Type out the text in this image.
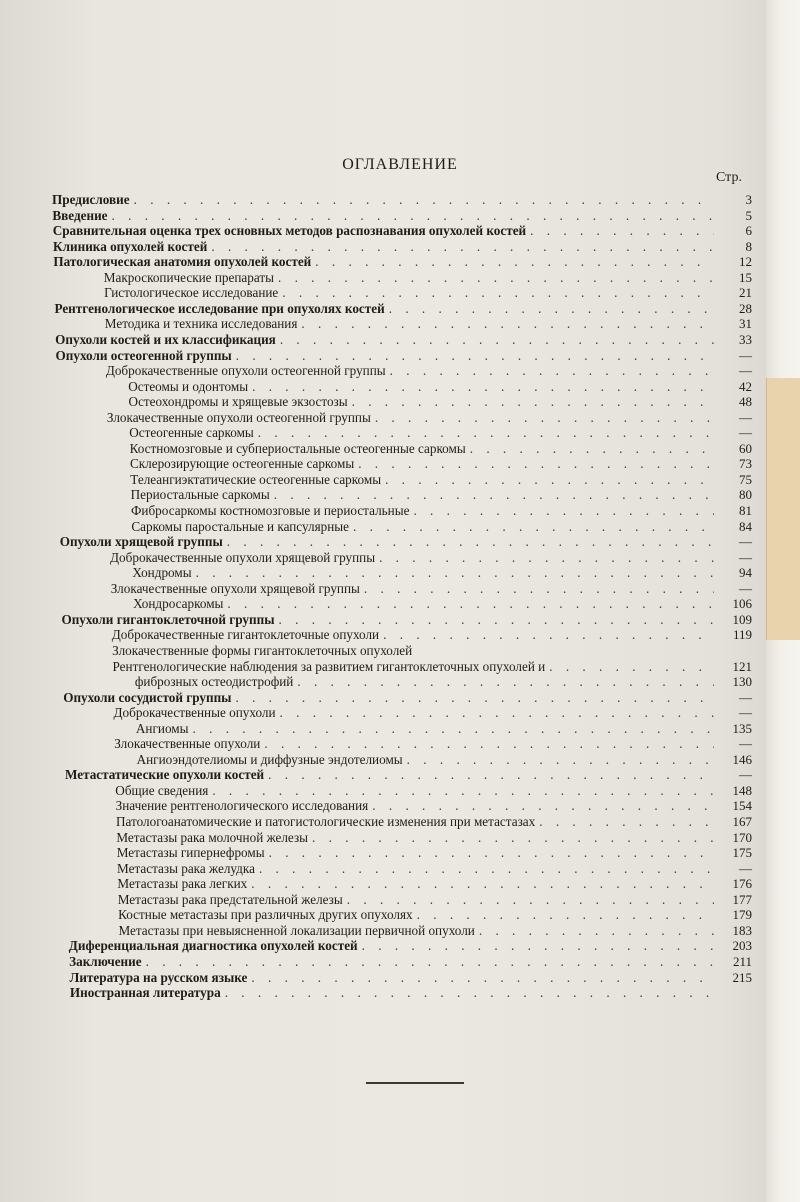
ОГЛАВЛЕНИЕ
Стр.
Предисловие . . .	3
Введение . . .	5
Сравнительная оценка трех основных методов распознавания опухолей костей . . .	6
Клиника опухолей костей . . .	8
Патологическая анатомия опухолей костей . . .	12
Макроскопические препараты . . .	15
Гистологическое исследование . . .	21
Рентгенологическое исследование при опухолях костей . . .	28
Методика и техника исследования . . .	31
Опухоли костей и их классификация . . .	33
Опухоли остеогенной группы . . .	—
Доброкачественные опухоли остеогенной группы . . .	—
Остеомы и одонтомы . . .	42
Остеохондромы и хрящевые экзостозы . . .	48
Злокачественные опухоли остеогенной группы . . .	—
Остеогенные саркомы . . .	—
Костномозговые и субпериостальные остеогенные саркомы . . .	60
Склерозирующие остеогенные саркомы . . .	73
Телеангиэктатические остеогенные саркомы . . .	75
Периостальные саркомы . . .	80
Фибросаркомы костномозговые и периостальные . . .	81
Саркомы паростальные и капсулярные . . .	84
Опухоли хрящевой группы . . .	—
Доброкачественные опухоли хрящевой группы . . .	—
Хондромы . . .	94
Злокачественные опухоли хрящевой группы . . .	—
Хондросаркомы . . .	106
Опухоли гигантоклеточной группы . . .	109
Доброкачественные гигантоклеточные опухоли . . .	119
Злокачественные формы гигантоклеточных опухолей
Рентгенологические наблюдения за развитием гигантоклеточных опухолей и . . .	121
фиброзных остеодистрофий . . .	130
Опухоли сосудистой группы . . .	—
Доброкачественные опухоли . . .	—
Ангиомы . . .	135
Злокачественные опухоли . . .	—
Ангиоэндотелиомы и диффузные эндотелиомы . . .	146
Метастатические опухоли костей . . .	—
Общие сведения . . .	148
Значение рентгенологического исследования . . .	154
Патологоанатомические и патогистологические изменения при метастазах . . .	167
Метастазы рака молочной железы . . .	170
Метастазы гипернефромы . . .	175
Метастазы рака желудка . . .	—
Метастазы рака легких . . .	176
Метастазы рака предстательной железы . . .	177
Костные метастазы при различных других опухолях . . .	179
Метастазы при невыясненной локализации первичной опухоли . . .	183
Диференциальная диагностика опухолей костей . . .	203
Заключение . . .	211
Литература на русском языке . . .	215
Иностранная литература
. . .
